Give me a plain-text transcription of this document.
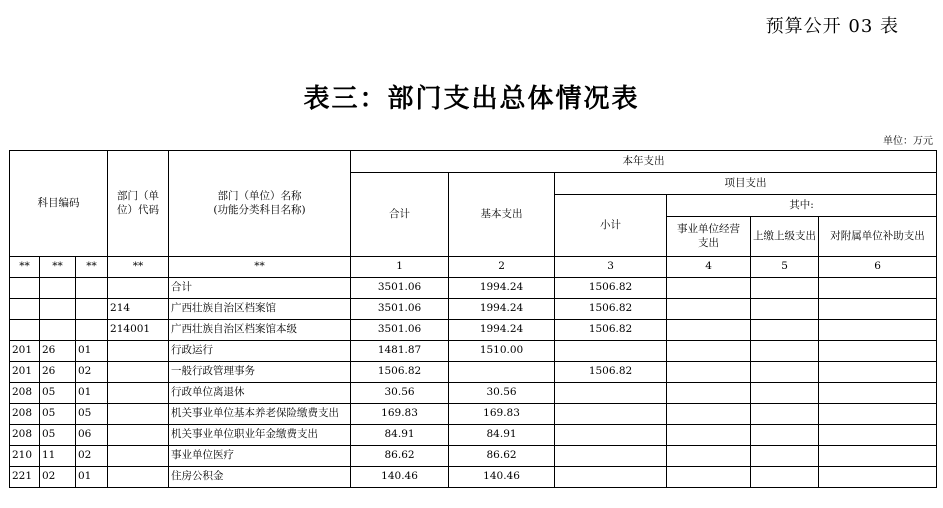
预算公开 03 表
表三：部门支出总体情况表
单位：万元
科目编码			部门（单位）代码	部门（单位）名称
(功能分类科目名称)	本年支出					
					合计	基本支出	项目支出			
							小计	其中:		

								事业单位经营
支出	上缴上级支出	对附属单位补助支出

**	**	**	**	**	1	2	3	4	5	6
				合计	3501.06	1994.24	1506.82			
			214	广西壮族自治区档案馆	3501.06	1994.24	1506.82			
			214001	广西壮族自治区档案馆本级	3501.06	1994.24	1506.82			
201	26	01		行政运行	1481.87	1510.00				
201	26	02		一般行政管理事务	1506.82		1506.82			
208	05	01		行政单位离退休	30.56	30.56				
208	05	05		机关事业单位基本养老保险缴费支出	169.83	169.83				
208	05	06		机关事业单位职业年金缴费支出	84.91	84.91				
210	11	02		事业单位医疗	86.62	86.62				
221	02	01		住房公积金	140.46	140.46				
